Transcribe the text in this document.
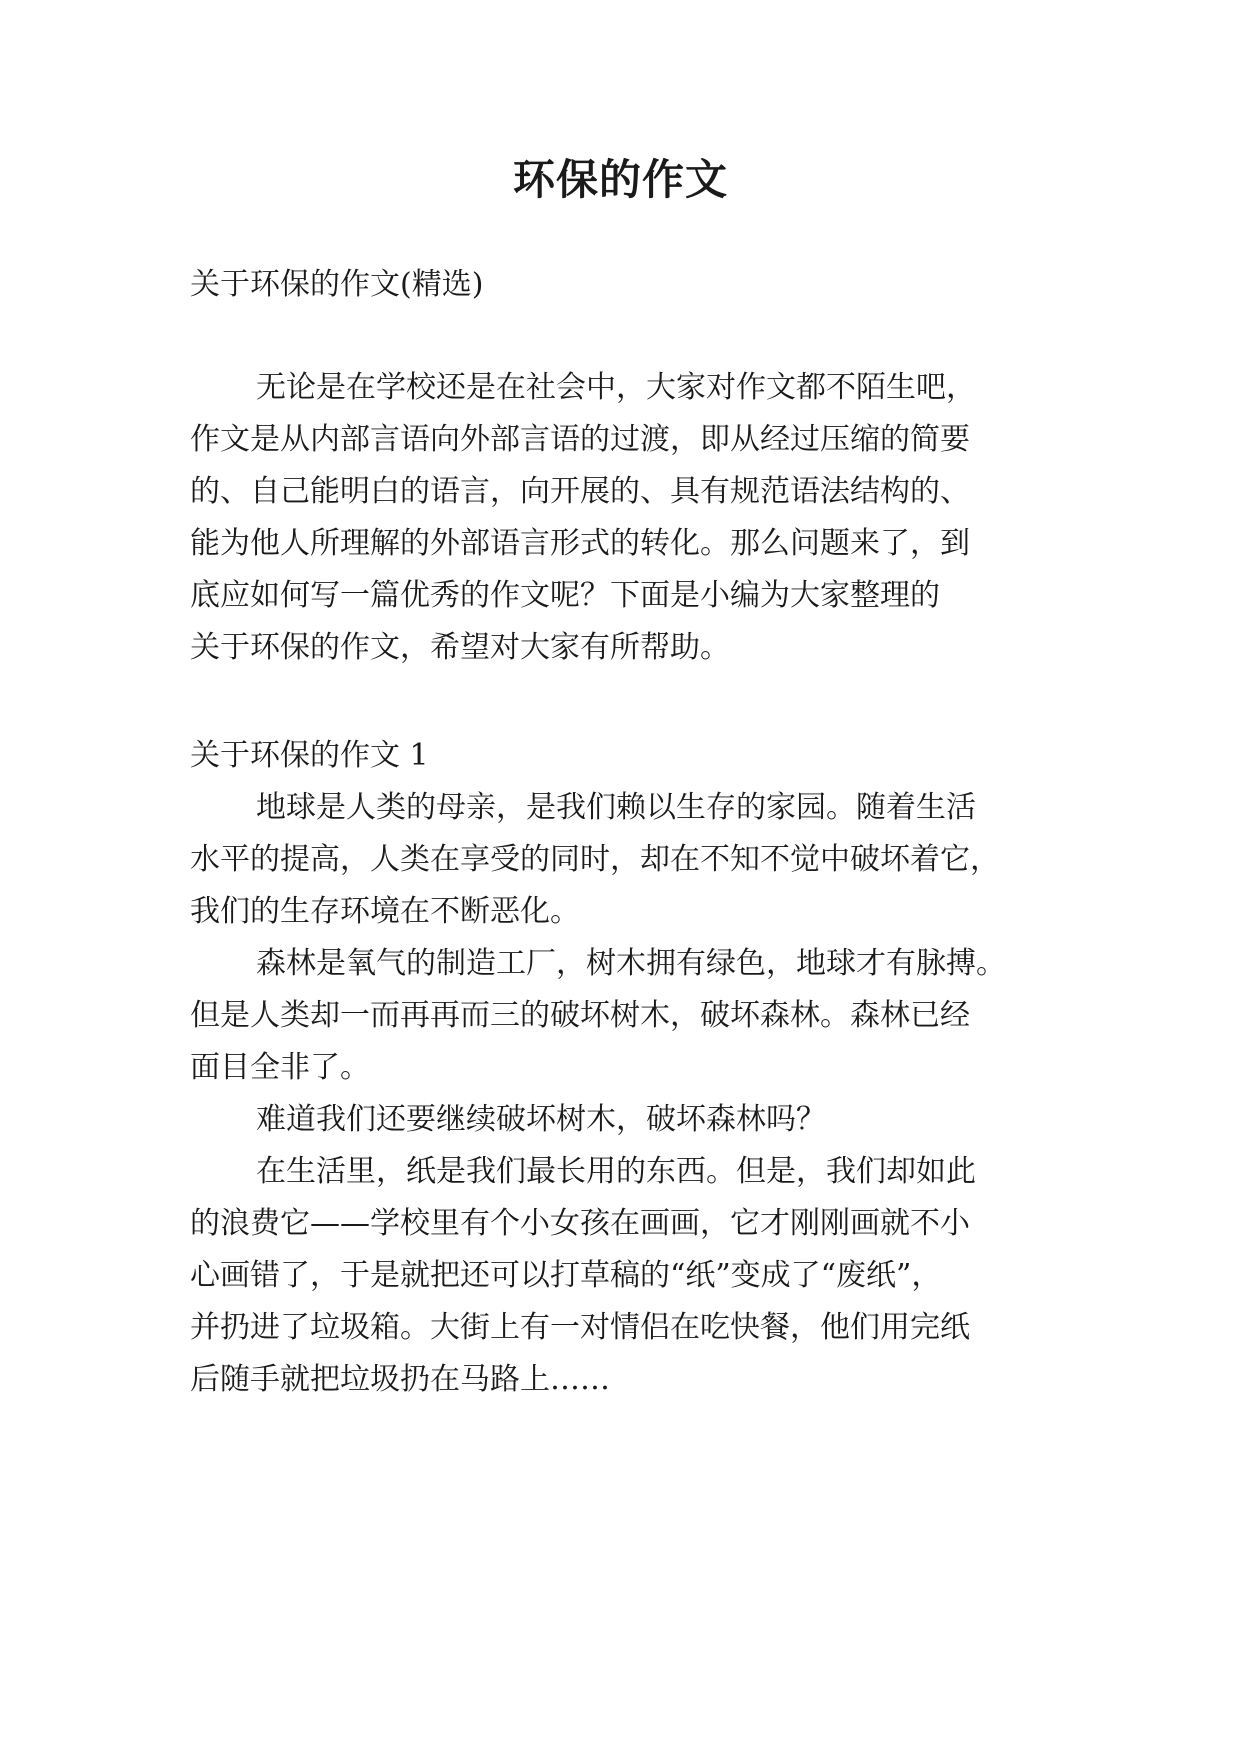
环保的作文

关于环保的作文(精选)

无论是在学校还是在社会中，大家对作文都不陌生吧，

作文是从内部言语向外部言语的过渡，即从经过压缩的简要

的、自己能明白的语言，向开展的、具有规范语法结构的、

能为他人所理解的外部语言形式的转化。那么问题来了，到

底应如何写一篇优秀的作文呢？下面是小编为大家整理的

关于环保的作文，希望对大家有所帮助。

关于环保的作文 1

地球是人类的母亲，是我们赖以生存的家园。随着生活

水平的提高，人类在享受的同时，却在不知不觉中破坏着它，

我们的生存环境在不断恶化。

森林是氧气的制造工厂，树木拥有绿色，地球才有脉搏。

但是人类却一而再再而三的破坏树木，破坏森林。森林已经

面目全非了。

难道我们还要继续破坏树木，破坏森林吗？

在生活里，纸是我们最长用的东西。但是，我们却如此

的浪费它——学校里有个小女孩在画画，它才刚刚画就不小

心画错了，于是就把还可以打草稿的“纸”变成了“废纸”，

并扔进了垃圾箱。大街上有一对情侣在吃快餐，他们用完纸

后随手就把垃圾扔在马路上……
